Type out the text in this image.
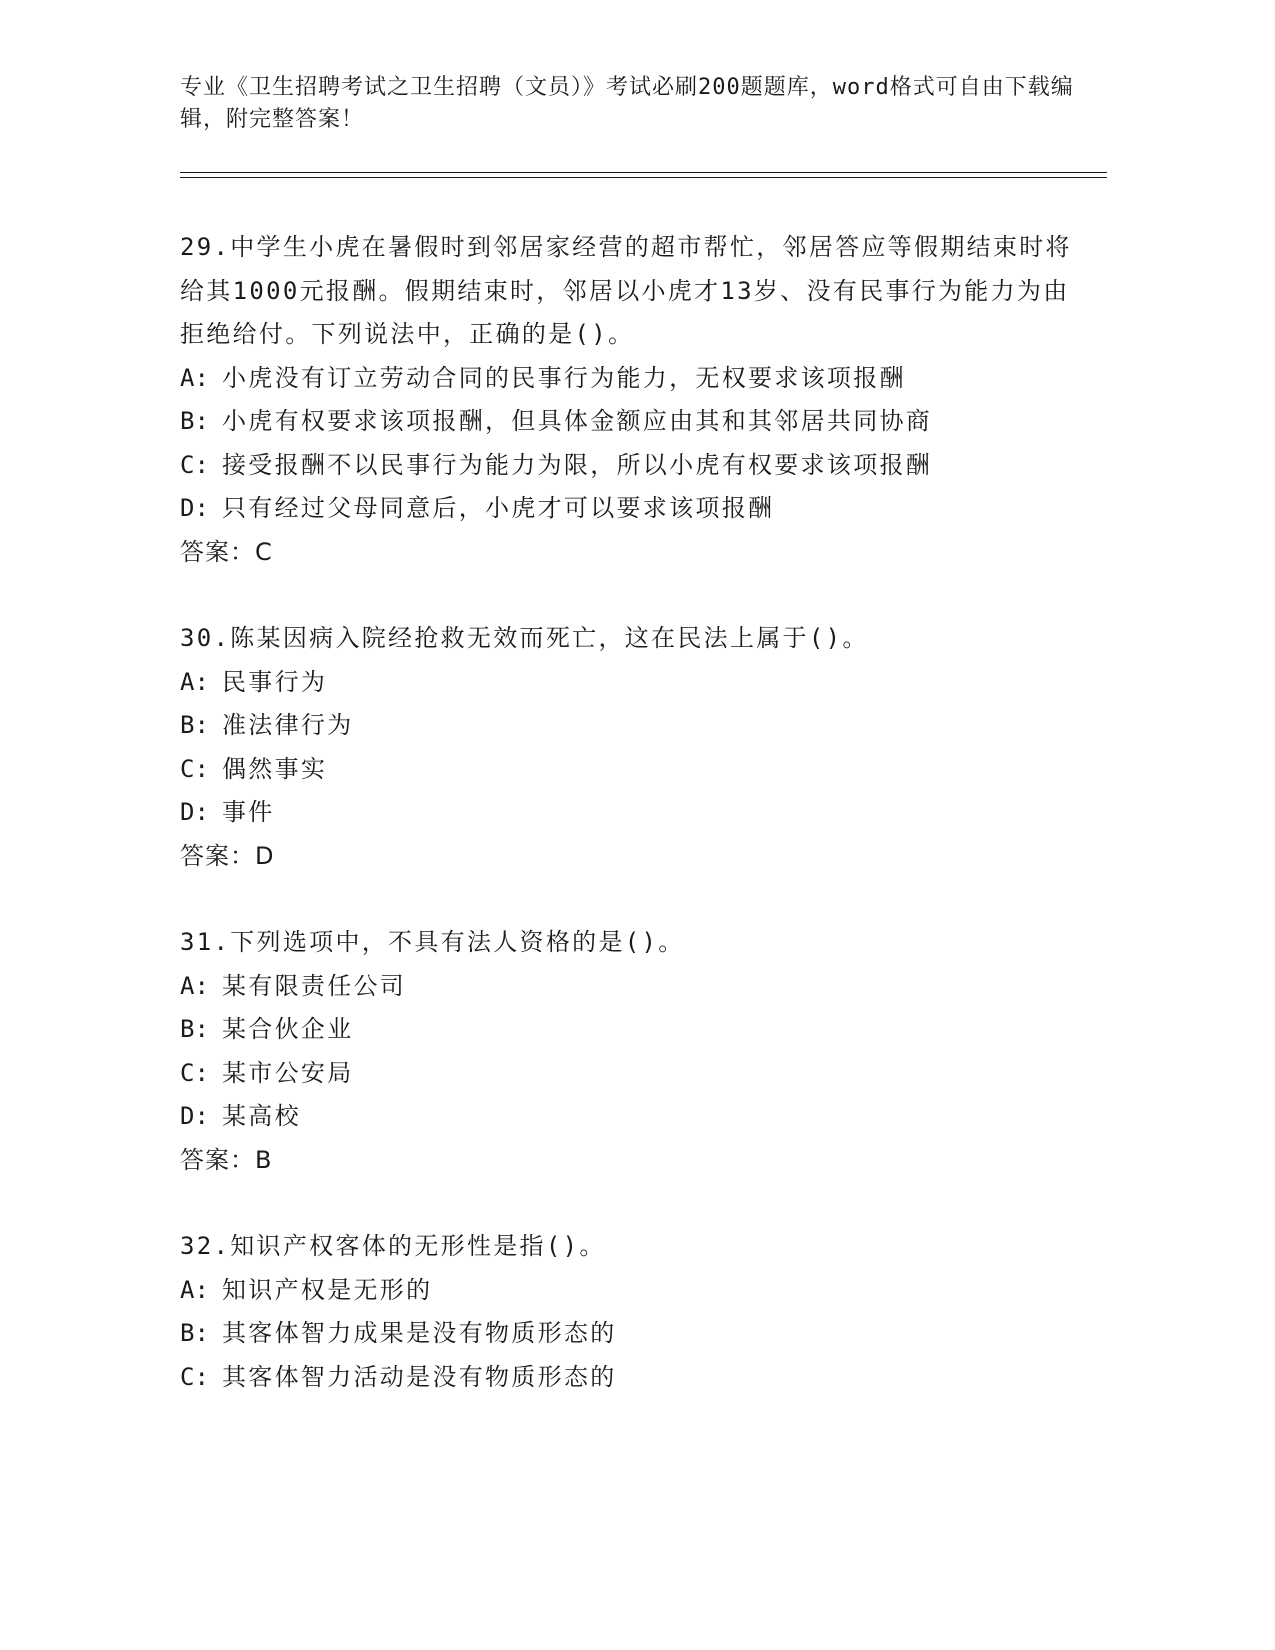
专业《卫生招聘考试之卫生招聘（文员）》考试必刷200题题库，word格式可自由下载编辑，附完整答案！

29.中学生小虎在暑假时到邻居家经营的超市帮忙，邻居答应等假期结束时将给其1000元报酬。假期结束时，邻居以小虎才13岁、没有民事行为能力为由拒绝给付。下列说法中，正确的是()。

A: 小虎没有订立劳动合同的民事行为能力，无权要求该项报酬

B: 小虎有权要求该项报酬，但具体金额应由其和其邻居共同协商

C: 接受报酬不以民事行为能力为限，所以小虎有权要求该项报酬

D: 只有经过父母同意后，小虎才可以要求该项报酬

答案：C

30.陈某因病入院经抢救无效而死亡，这在民法上属于()。

A: 民事行为

B: 准法律行为

C: 偶然事实

D: 事件

答案：D

31.下列选项中，不具有法人资格的是()。

A: 某有限责任公司

B: 某合伙企业

C: 某市公安局

D: 某高校

答案：B

32.知识产权客体的无形性是指()。

A: 知识产权是无形的

B: 其客体智力成果是没有物质形态的

C: 其客体智力活动是没有物质形态的
